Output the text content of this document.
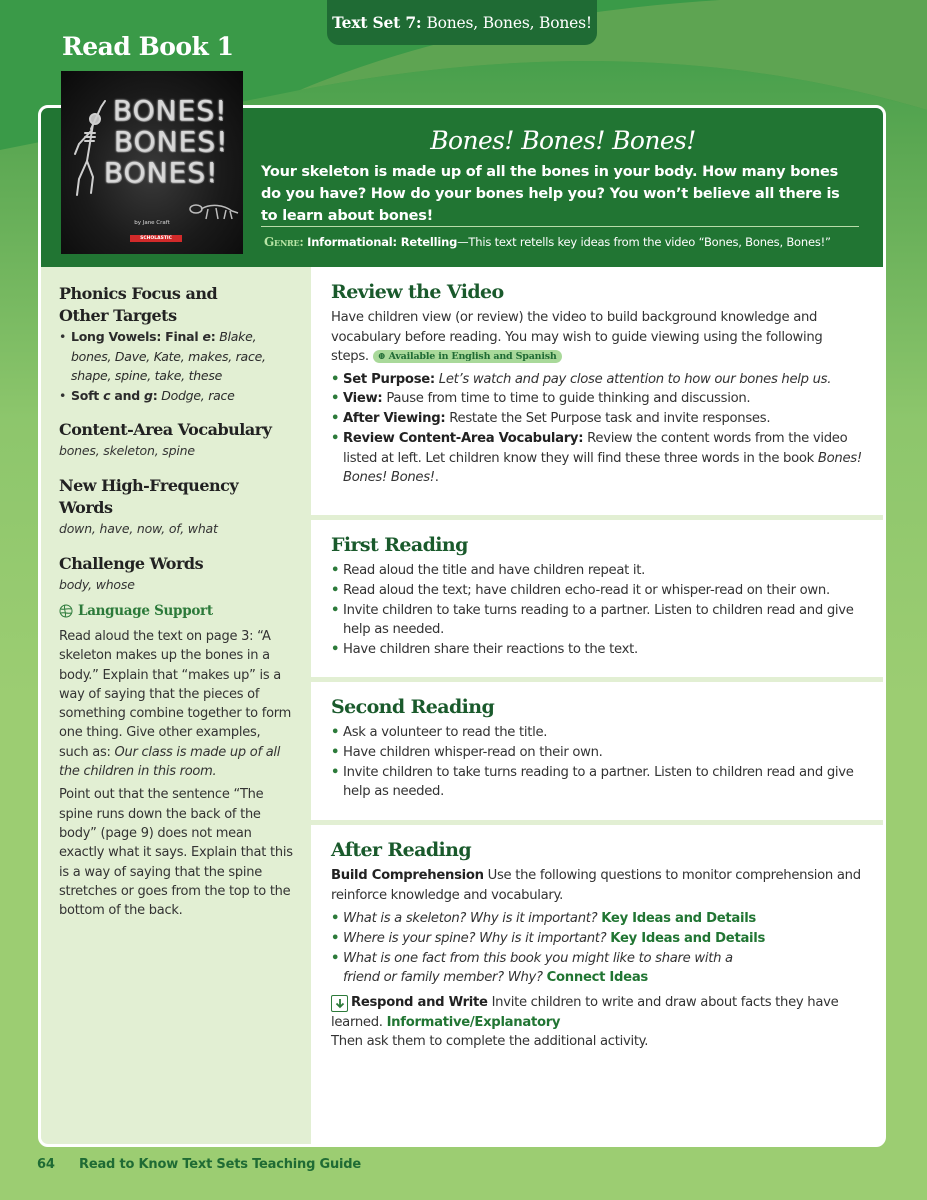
Text Set 7: Bones, Bones, Bones!
Read Book 1
BONES!
BONES!
BONES!
by Jane Craft
SCHOLASTIC
Bones! Bones! Bones!
Your skeleton is made up of all the bones in your body. How many bones do you have? How do your bones help you? You won’t believe all there is to learn about bones!
Genre: Informational: Retelling—This text retells key ideas from the video “Bones, Bones, Bones!”
Phonics Focus and Other Targets
• Long Vowels: Final e: Blake, bones, Dave, Kate, makes, race, shape, spine, take, these
• Soft c and g: Dodge, race
Content-Area Vocabulary
bones, skeleton, spine
New High-Frequency Words
down, have, now, of, what
Challenge Words
body, whose
Language Support
Read aloud the text on page 3: “A skeleton makes up the bones in a body.” Explain that “makes up” is a way of saying that the pieces of something combine together to form one thing. Give other examples, such as: Our class is made up of all the children in this room.
Point out that the sentence “The spine runs down the back of the body” (page 9) does not mean exactly what it says. Explain that this is a way of saying that the spine stretches or goes from the top to the bottom of the back.
Review the Video
Have children view (or review) the video to build background knowledge and vocabulary before reading. You may wish to guide viewing using the following steps. ⊕ Available in English and Spanish
• Set Purpose: Let’s watch and pay close attention to how our bones help us.
• View: Pause from time to time to guide thinking and discussion.
• After Viewing: Restate the Set Purpose task and invite responses.
• Review Content-Area Vocabulary: Review the content words from the video listed at left. Let children know they will find these three words in the book Bones! Bones! Bones!.
First Reading
• Read aloud the title and have children repeat it.
• Read aloud the text; have children echo-read it or whisper-read on their own.
• Invite children to take turns reading to a partner. Listen to children read and give help as needed.
• Have children share their reactions to the text.
Second Reading
• Ask a volunteer to read the title.
• Have children whisper-read on their own.
• Invite children to take turns reading to a partner. Listen to children read and give help as needed.
After Reading
Build Comprehension Use the following questions to monitor comprehension and reinforce knowledge and vocabulary.
• What is a skeleton? Why is it important? Key Ideas and Details
• Where is your spine? Why is it important? Key Ideas and Details
• What is one fact from this book you might like to share with a friend or family member? Why? Connect Ideas
Respond and Write Invite children to write and draw about facts they have learned. Informative/Explanatory
Then ask them to complete the additional activity.
64 Read to Know Text Sets Teaching Guide
